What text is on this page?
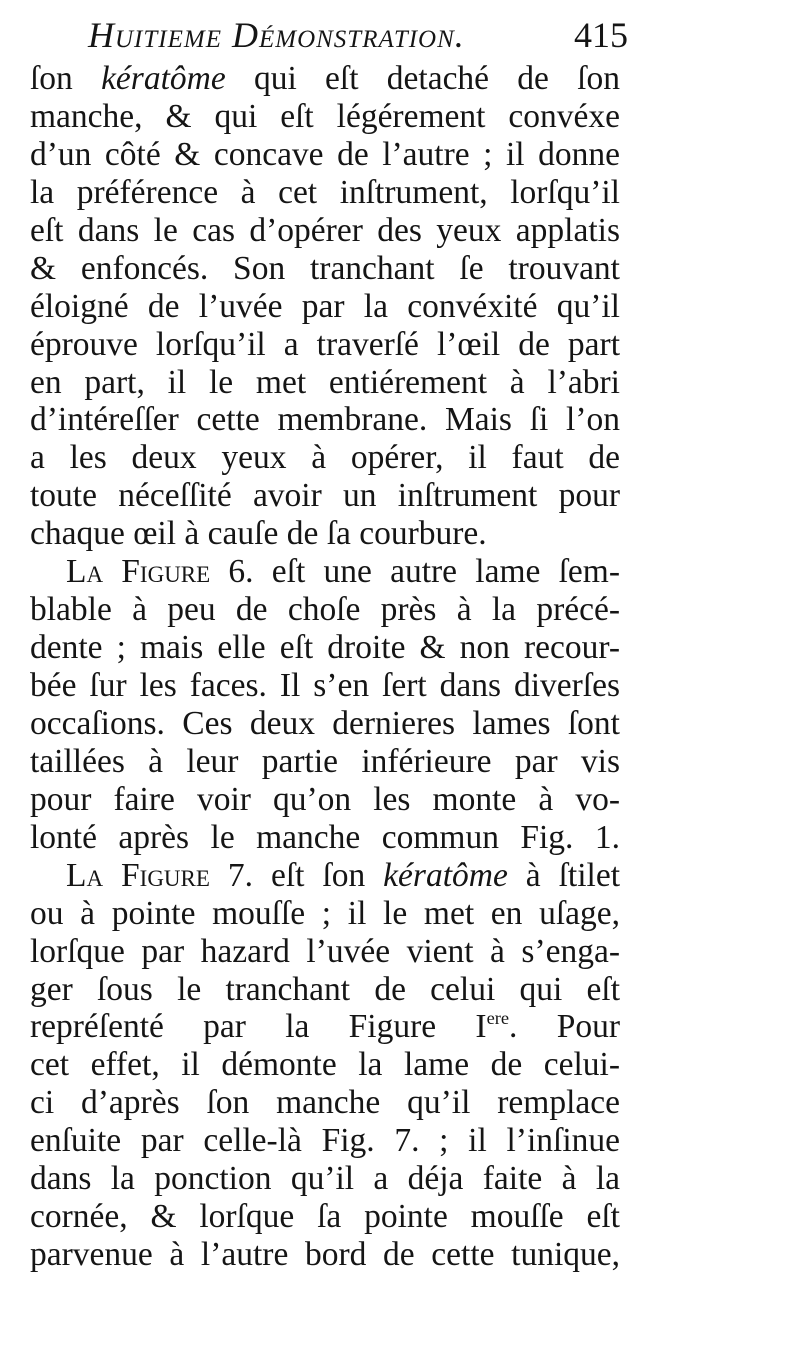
Huitieme Démonstration.	415
ſon kératôme qui eſt detaché de ſon
manche, & qui eſt légérement convéxe
d’un côté & concave de l’autre ; il donne
la préférence à cet inſtrument, lorſqu’il
eſt dans le cas d’opérer des yeux applatis
& enfoncés. Son tranchant ſe trouvant
éloigné de l’uvée par la convéxité qu’il
éprouve lorſqu’il a traverſé l’œil de part
en part, il le met entiérement à l’abri
d’intéreſſer cette membrane. Mais ſi l’on
a les deux yeux à opérer, il faut de
toute néceſſité avoir un inſtrument pour
chaque œil à cauſe de ſa courbure.
La Figure 6. eſt une autre lame ſem-
blable à peu de choſe près à la précé-
dente ; mais elle eſt droite & non recour-
bée ſur les faces. Il s’en ſert dans diverſes
occaſions. Ces deux dernieres lames ſont
taillées à leur partie inférieure par vis
pour faire voir qu’on les monte à vo-
lonté après le manche commun Fig. 1.
La Figure 7. eſt ſon kératôme à ſtilet
ou à pointe mouſſe ; il le met en uſage,
lorſque par hazard l’uvée vient à s’enga-
ger ſous le tranchant de celui qui eſt
repréſenté par la Figure Iere. Pour
cet effet, il démonte la lame de celui-
ci d’après ſon manche qu’il remplace
enſuite par celle-là Fig. 7. ; il l’inſinue
dans la ponction qu’il a déja faite à la
cornée, & lorſque ſa pointe mouſſe eſt
parvenue à l’autre bord de cette tunique,
